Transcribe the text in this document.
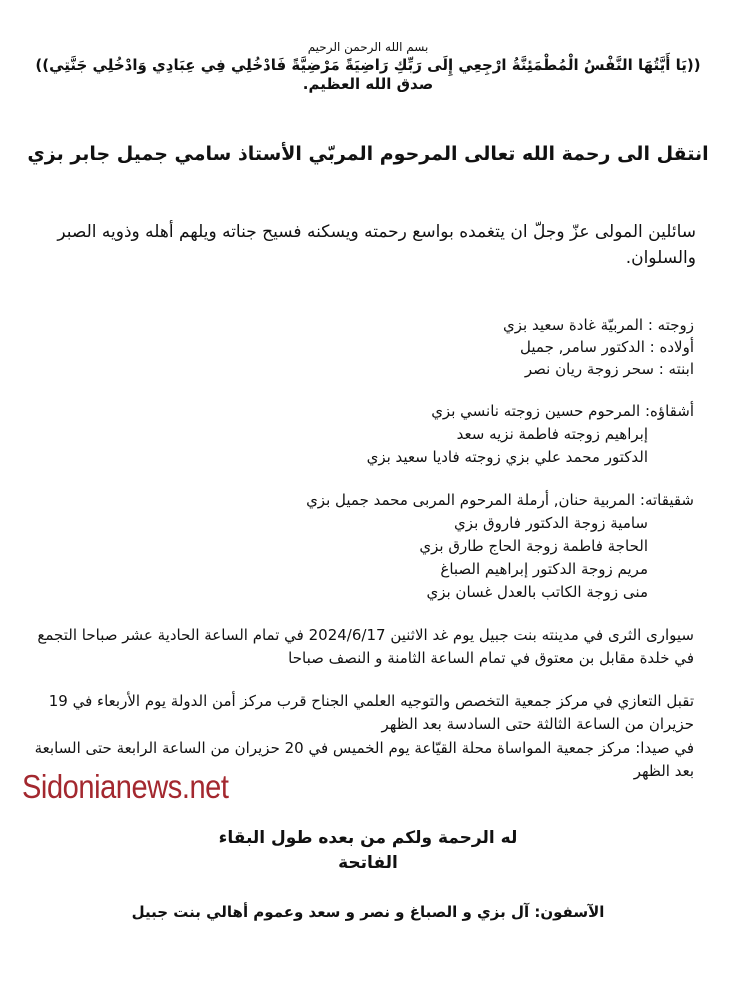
بسم الله الرحمن الرحيم
((يَا أَيَّتُهَا النَّفْسُ الْمُطْمَئِنَّةُ ارْجِعِي إِلَى رَبِّكِ رَاضِيَةً مَرْضِيَّةً فَادْخُلِي فِي عِبَادِي وَادْخُلِي جَنَّتِي))
صدق الله العظيم.
انتقل الى رحمة الله تعالى المرحوم المربّي الأستاذ سامي جميل جابر بزي
سائلين المولى عزّ وجلّ ان يتغمده بواسع رحمته ويسكنه فسيح جناته ويلهم أهله وذويه الصبر والسلوان.
زوجته : المربيّة غادة سعيد بزي
أولاده : الدكتور سامر, جميل
ابنته : سحر زوجة ريان نصر
أشقاؤه: المرحوم حسين زوجته نانسي بزي
إبراهيم زوجته فاطمة نزيه سعد
الدكتور محمد علي بزي زوجته فاديا سعيد بزي
شقيقاته: المربية حنان, أرملة المرحوم المربى محمد جميل بزي
سامية زوجة الدكتور فاروق بزي
الحاجة فاطمة زوجة الحاج طارق بزي
مريم زوجة الدكتور إبراهيم الصباغ
منى زوجة الكاتب بالعدل غسان بزي
سيوارى الثرى في مدينته بنت جبيل يوم غد الاثنين 2024/6/17 في تمام الساعة الحادية عشر صباحا التجمع في خلدة مقابل بن معتوق في تمام الساعة الثامنة و النصف صباحا
تقبل التعازي في مركز جمعية التخصص والتوجيه العلمي الجناح قرب مركز أمن الدولة يوم الأربعاء في 19 حزيران من الساعة الثالثة حتى السادسة بعد الظهر
في صيدا: مركز جمعية المواساة محلة القيّاعة يوم الخميس في 20 حزيران من الساعة الرابعة حتى السابعة بعد الظهر
له الرحمة ولكم من بعده طول البقاء
الفاتحة
الآسفون: آل بزي و الصباغ و نصر و سعد وعموم أهالي بنت جبيل
Sidonianews.net
